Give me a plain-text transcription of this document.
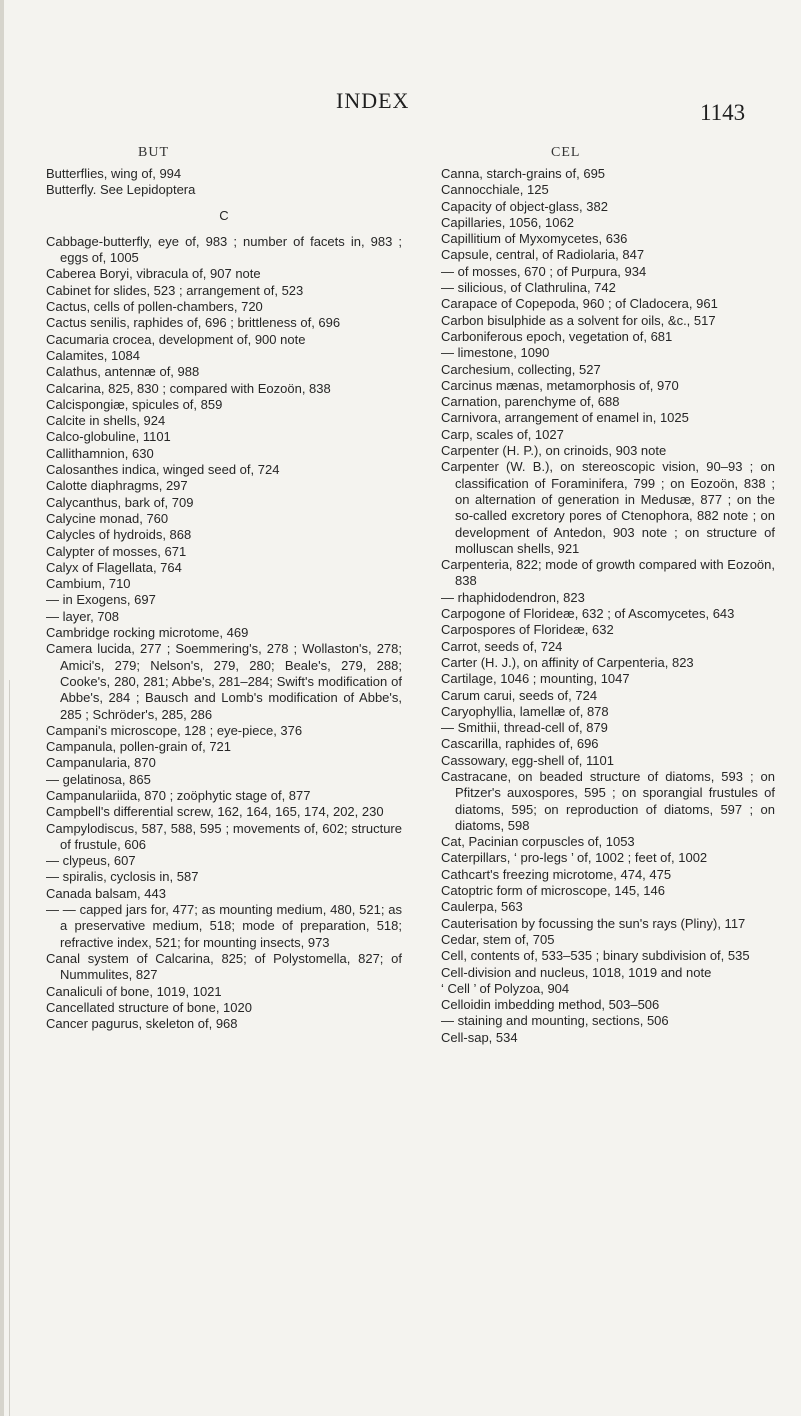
INDEX	1143
BUT	CEL
Butterflies, wing of, 994
Butterfly. See Lepidoptera
C
Cabbage-butterfly, eye of, 983 ; number of facets in, 983 ; eggs of, 1005
Caberea Boryi, vibracula of, 907 note
Cabinet for slides, 523 ; arrangement of, 523
Cactus, cells of pollen-chambers, 720
Cactus senilis, raphides of, 696 ; brittleness of, 696
Cacumaria crocea, development of, 900 note
Calamites, 1084
Calathus, antennæ of, 988
Calcarina, 825, 830 ; compared with Eozoön, 838
Calcispongiæ, spicules of, 859
Calcite in shells, 924
Calco-globuline, 1101
Callithamnion, 630
Calosanthes indica, winged seed of, 724
Calotte diaphragms, 297
Calycanthus, bark of, 709
Calycine monad, 760
Calycles of hydroids, 868
Calypter of mosses, 671
Calyx of Flagellata, 764
Cambium, 710
— in Exogens, 697
— layer, 708
Cambridge rocking microtome, 469
Camera lucida, 277 ; Soemmering's, 278 ; Wollaston's, 278; Amici's, 279; Nelson's, 279, 280; Beale's, 279, 288; Cooke's, 280, 281; Abbe's, 281–284; Swift's modification of Abbe's, 284 ; Bausch and Lomb's modification of Abbe's, 285 ; Schröder's, 285, 286
Campani's microscope, 128 ; eye-piece, 376
Campanula, pollen-grain of, 721
Campanularia, 870
— gelatinosa, 865
Campanulariida, 870 ; zoöphytic stage of, 877
Campbell's differential screw, 162, 164, 165, 174, 202, 230
Campylodiscus, 587, 588, 595 ; movements of, 602; structure of frustule, 606
— clypeus, 607
— spiralis, cyclosis in, 587
Canada balsam, 443
— — capped jars for, 477; as mounting medium, 480, 521; as a preservative medium, 518; mode of preparation, 518; refractive index, 521; for mounting insects, 973
Canal system of Calcarina, 825; of Polystomella, 827; of Nummulites, 827
Canaliculi of bone, 1019, 1021
Cancellated structure of bone, 1020
Cancer pagurus, skeleton of, 968
Canna, starch-grains of, 695
Cannocchiale, 125
Capacity of object-glass, 382
Capillaries, 1056, 1062
Capillitium of Myxomycetes, 636
Capsule, central, of Radiolaria, 847
— of mosses, 670 ; of Purpura, 934
— silicious, of Clathrulina, 742
Carapace of Copepoda, 960 ; of Cladocera, 961
Carbon bisulphide as a solvent for oils, &c., 517
Carboniferous epoch, vegetation of, 681
— limestone, 1090
Carchesium, collecting, 527
Carcinus mænas, metamorphosis of, 970
Carnation, parenchyme of, 688
Carnivora, arrangement of enamel in, 1025
Carp, scales of, 1027
Carpenter (H. P.), on crinoids, 903 note
Carpenter (W. B.), on stereoscopic vision, 90–93 ; on classification of Foraminifera, 799 ; on Eozoön, 838 ; on alternation of generation in Medusæ, 877 ; on the so-called excretory pores of Ctenophora, 882 note ; on development of Antedon, 903 note ; on structure of molluscan shells, 921
Carpenteria, 822; mode of growth compared with Eozoön, 838
— rhaphidodendron, 823
Carpogone of Florideæ, 632 ; of Ascomycetes, 643
Carpospores of Florideæ, 632
Carrot, seeds of, 724
Carter (H. J.), on affinity of Carpenteria, 823
Cartilage, 1046 ; mounting, 1047
Carum carui, seeds of, 724
Caryophyllia, lamellæ of, 878
— Smithii, thread-cell of, 879
Cascarilla, raphides of, 696
Cassowary, egg-shell of, 1101
Castracane, on beaded structure of diatoms, 593 ; on Pfitzer's auxospores, 595 ; on sporangial frustules of diatoms, 595; on reproduction of diatoms, 597 ; on diatoms, 598
Cat, Pacinian corpuscles of, 1053
Caterpillars, ‘ pro-legs ’ of, 1002 ; feet of, 1002
Cathcart's freezing microtome, 474, 475
Catoptric form of microscope, 145, 146
Caulerpa, 563
Cauterisation by focussing the sun's rays (Pliny), 117
Cedar, stem of, 705
Cell, contents of, 533–535 ; binary subdivision of, 535
Cell-division and nucleus, 1018, 1019 and note
‘ Cell ’ of Polyzoa, 904
Celloidin imbedding method, 503–506
— staining and mounting, sections, 506
Cell-sap, 534
